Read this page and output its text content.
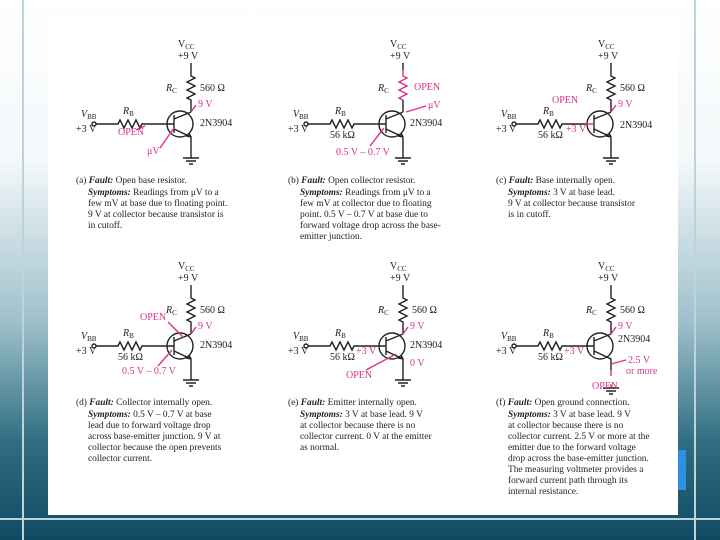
$V_{CC}$
+9 V
$R_C$ 560 Ω
$V_{BB}$
+3 V
$R_B$
2N3904
9 V
OPEN
μV
(a) Fault: Open base resistor.
Symptoms: Readings from μV to a
few mV at base due to floating point.
9 V at collector because transistor is
in cutoff.
$V_{CC}$
+9 V
$R_C$
$V_{BB}$
+3 V
$R_B$
56 kΩ
2N3904
OPEN
μV
0.5 V – 0.7 V
(b) Fault: Open collector resistor.
Symptoms: Readings from μV to a
few mV at collector due to floating
point. 0.5 V – 0.7 V at base due to
forward voltage drop across the base-
emitter junction.
$V_{CC}$
+9 V
$R_C$ 560 Ω
$V_{BB}$
+3 V
$R_B$
56 kΩ
2N3904
OPEN	9 V
+3 V
(c) Fault: Base internally open.
Symptoms: 3 V at base lead.
9 V at collector because transistor
is in cutoff.
$V_{CC}$
+9 V
$R_C$ 560 Ω
$V_{BB}$
+3 V
$R_B$
56 kΩ
2N3904
OPEN
9 V
0.5 V – 0.7 V
(d) Fault: Collector internally open.
Symptoms: 0.5 V – 0.7 V at base
lead due to forward voltage drop
across base-emitter junction. 9 V at
collector because the open prevents
collector current.
$V_{CC}$
+9 V
$R_C$ 560 Ω
$V_{BB}$
+3 V
$R_B$
56 kΩ
2N3904
9 V
+3 V
0 V
OPEN
(e) Fault: Emitter internally open.
Symptoms: 3 V at base lead. 9 V
at collector because there is no
collector current. 0 V at the emitter
as normal.
$V_{CC}$
+9 V
$R_C$ 560 Ω
$V_{BB}$
+3 V
$R_B$
56 kΩ
2N3904
9 V
+3 V
2.5 V
or more
OPEN
(f) Fault: Open ground connection.
Symptoms: 3 V at base lead. 9 V
at collector because there is no
collector current. 2.5 V or more at the
emitter due to the forward voltage
drop across the base-emitter junction.
The measuring voltmeter provides a
forward current path through its
internal resistance.
